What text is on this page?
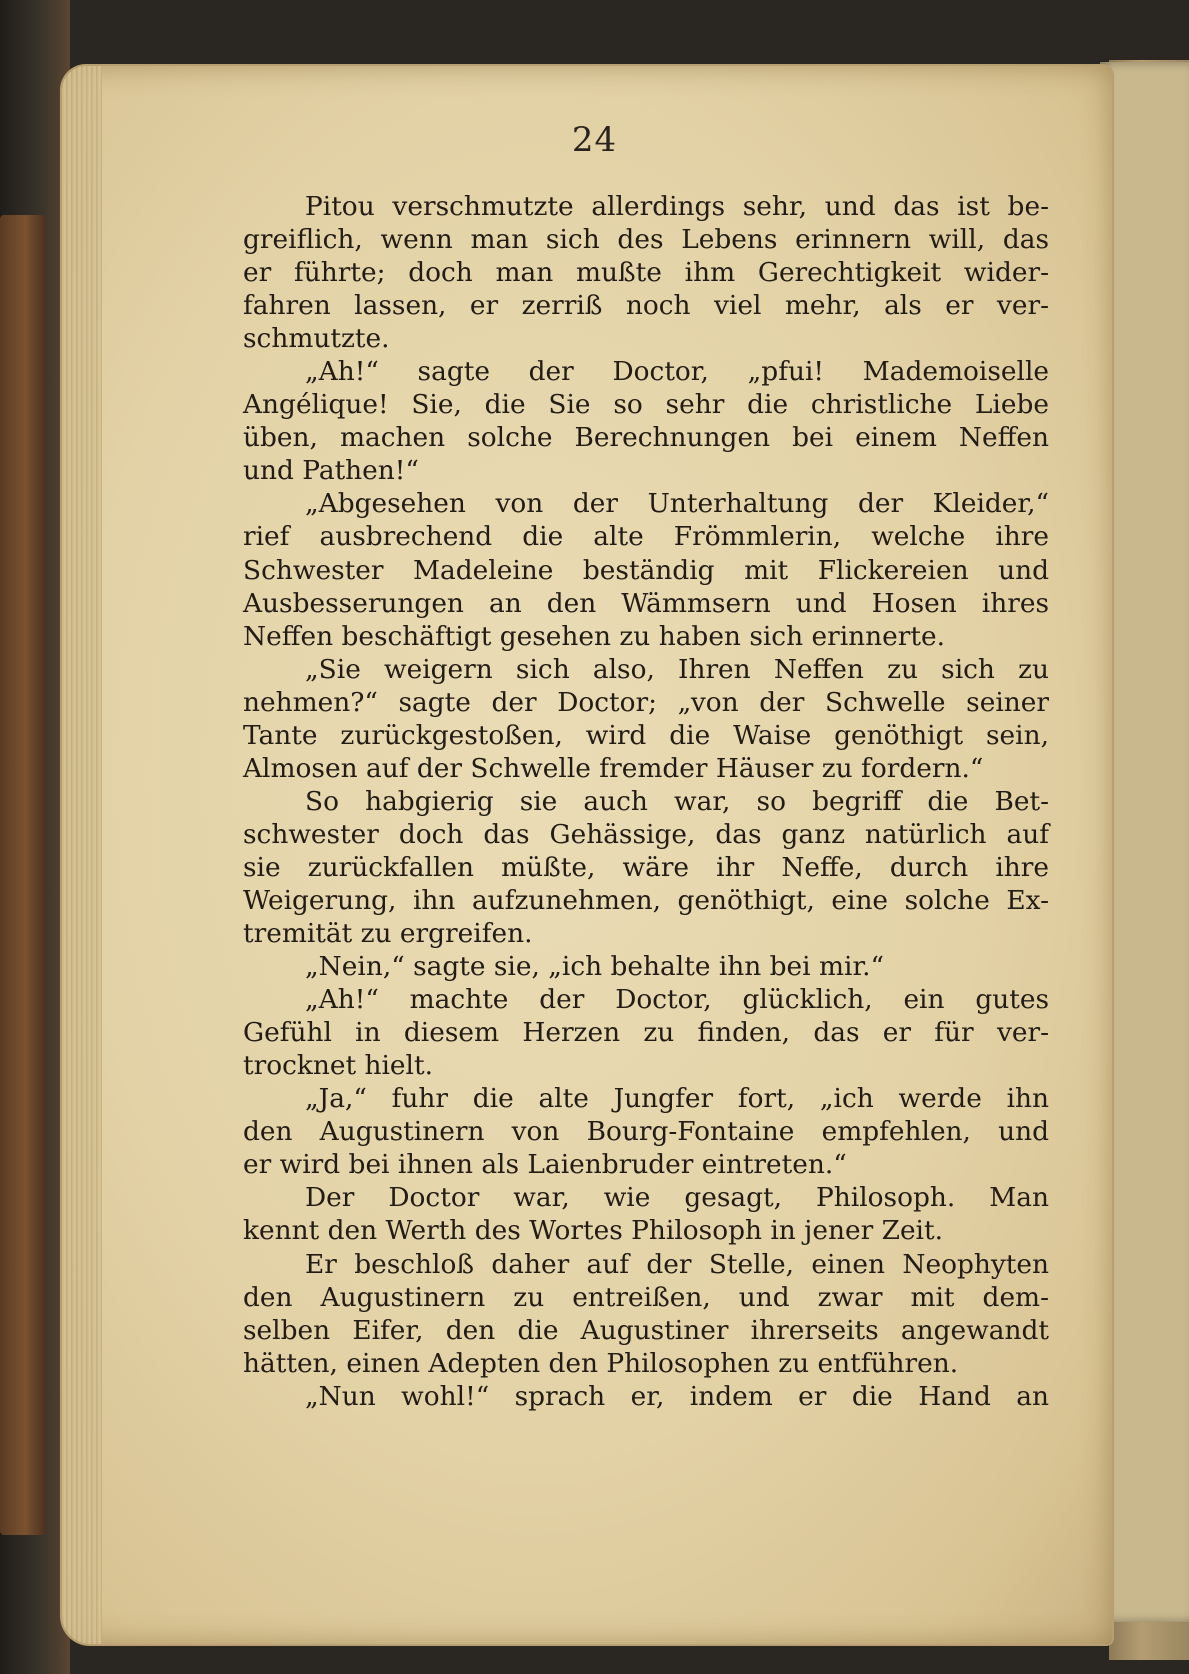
24
Pitou verschmutzte allerdings sehr, und das ist be-
greiflich, wenn man sich des Lebens erinnern will, das
er führte; doch man mußte ihm Gerechtigkeit wider-
fahren lassen, er zerriß noch viel mehr, als er ver-
schmutzte.
„Ah!“ sagte der Doctor, „pfui! Mademoiselle
Angélique! Sie, die Sie so sehr die christliche Liebe
üben, machen solche Berechnungen bei einem Neffen
und Pathen!“
„Abgesehen von der Unterhaltung der Kleider,“
rief ausbrechend die alte Frömmlerin, welche ihre
Schwester Madeleine beständig mit Flickereien und
Ausbesserungen an den Wämmsern und Hosen ihres
Neffen beschäftigt gesehen zu haben sich erinnerte.
„Sie weigern sich also, Ihren Neffen zu sich zu
nehmen?“ sagte der Doctor; „von der Schwelle seiner
Tante zurückgestoßen, wird die Waise genöthigt sein,
Almosen auf der Schwelle fremder Häuser zu fordern.“
So habgierig sie auch war, so begriff die Bet-
schwester doch das Gehässige, das ganz natürlich auf
sie zurückfallen müßte, wäre ihr Neffe, durch ihre
Weigerung, ihn aufzunehmen, genöthigt, eine solche Ex-
tremität zu ergreifen.
„Nein,“ sagte sie, „ich behalte ihn bei mir.“
„Ah!“ machte der Doctor, glücklich, ein gutes
Gefühl in diesem Herzen zu finden, das er für ver-
trocknet hielt.
„Ja,“ fuhr die alte Jungfer fort, „ich werde ihn
den Augustinern von Bourg-Fontaine empfehlen, und
er wird bei ihnen als Laienbruder eintreten.“
Der Doctor war, wie gesagt, Philosoph. Man
kennt den Werth des Wortes Philosoph in jener Zeit.
Er beschloß daher auf der Stelle, einen Neophyten
den Augustinern zu entreißen, und zwar mit dem-
selben Eifer, den die Augustiner ihrerseits angewandt
hätten, einen Adepten den Philosophen zu entführen.
„Nun wohl!“ sprach er, indem er die Hand an
